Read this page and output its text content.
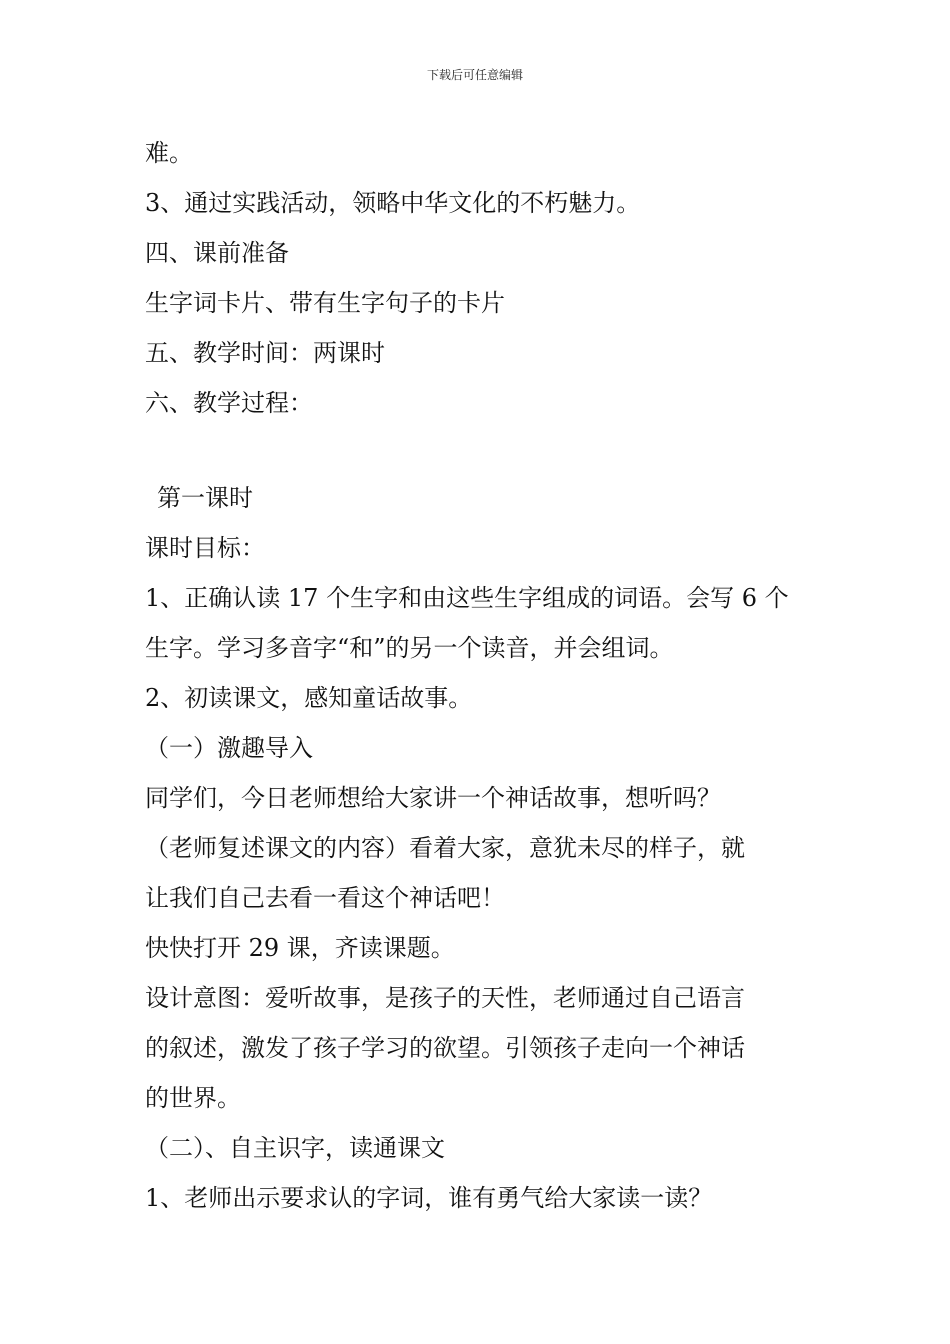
下载后可任意编辑
难。
3、通过实践活动，领略中华文化的不朽魅力。
四、课前准备
生字词卡片、带有生字句子的卡片
五、教学时间：两课时
六、教学过程：
第一课时
课时目标：
1、正确认读 17 个生字和由这些生字组成的词语。会写 6 个
生字。学习多音字“和”的另一个读音，并会组词。
2、初读课文，感知童话故事。
（一）激趣导入
同学们，今日老师想给大家讲一个神话故事，想听吗？
（老师复述课文的内容）看着大家，意犹未尽的样子，就
让我们自己去看一看这个神话吧！
快快打开 29 课，齐读课题。
设计意图：爱听故事，是孩子的天性，老师通过自己语言
的叙述，激发了孩子学习的欲望。引领孩子走向一个神话
的世界。
（二）、自主识字，读通课文
1、老师出示要求认的字词，谁有勇气给大家读一读？
